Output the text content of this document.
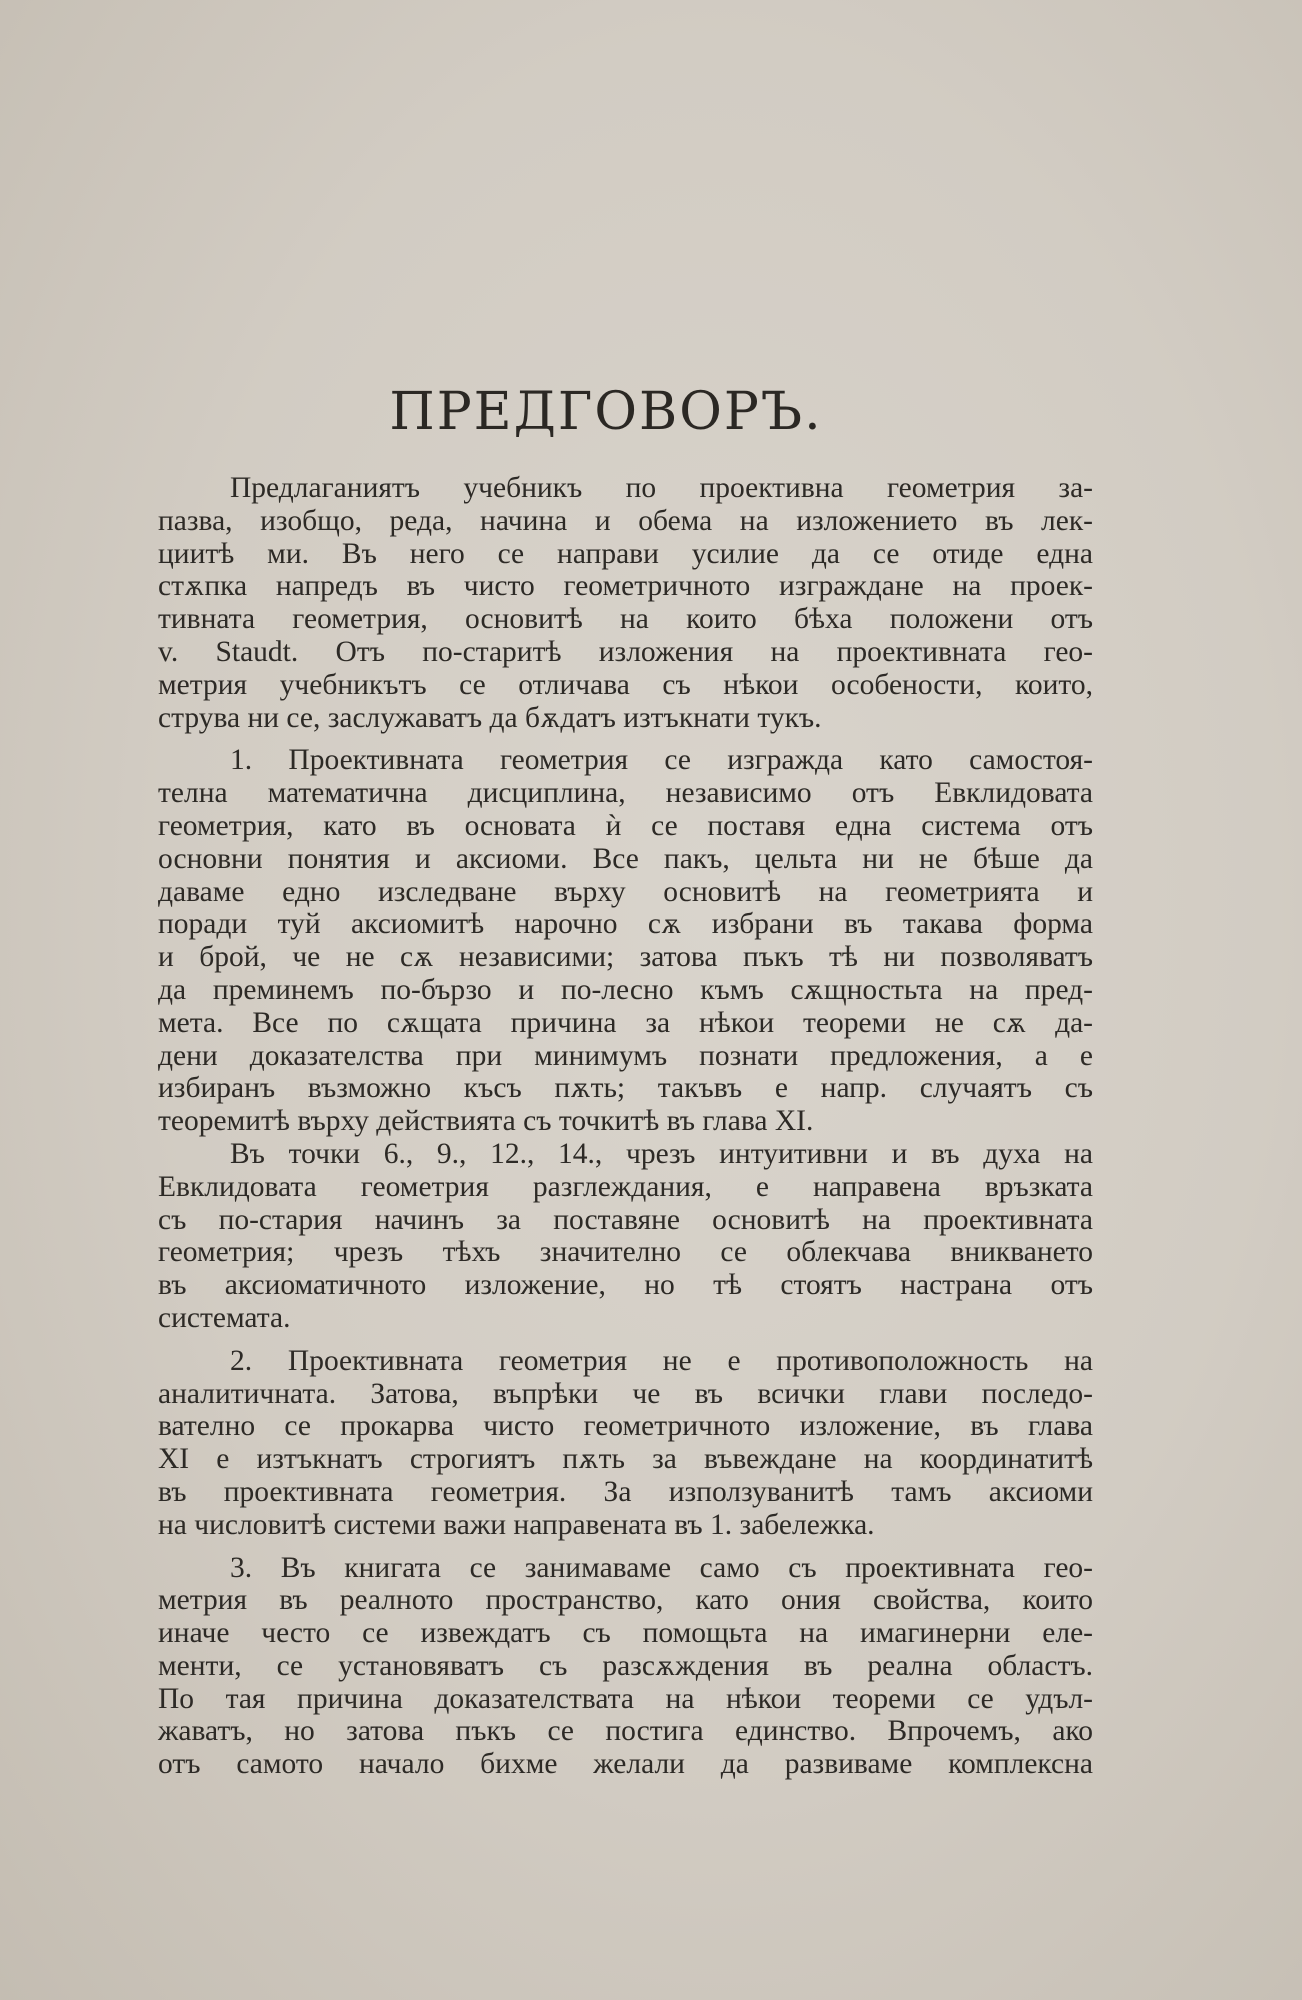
ПРЕДГОВОРЪ.
Предлаганиятъ учебникъ по проективна геометрия за-
пазва, изобщо, реда, начина и обема на изложението въ лек-
циитѣ ми. Въ него се направи усилие да се отиде една
стѫпка напредъ въ чисто геометричното изграждане на проек-
тивната геометрия, основитѣ на които бѣха положени отъ
v. Staudt. Отъ по-старитѣ изложения на проективната гео-
метрия учебникътъ се отличава съ нѣкои особености, които,
струва ни се, заслужаватъ да бѫдатъ изтъкнати тукъ.
1. Проективната геометрия се изгражда като самостоя-
телна математична дисциплина, независимо отъ Евклидовата
геометрия, като въ основата ѝ се поставя една система отъ
основни понятия и аксиоми. Все пакъ, цельта ни не бѣше да
даваме едно изследване върху основитѣ на геометрията и
поради туй аксиомитѣ нарочно сѫ избрани въ такава форма
и брой, че не сѫ независими; затова пъкъ тѣ ни позволяватъ
да преминемъ по-бързо и по-лесно къмъ сѫщностьта на пред-
мета. Все по сѫщата причина за нѣкои теореми не сѫ да-
дени доказателства при минимумъ познати предложения, а е
избиранъ възможно късъ пѫть; такъвъ е напр. случаятъ съ
теоремитѣ върху действията съ точкитѣ въ глава XI.
Въ точки 6., 9., 12., 14., чрезъ интуитивни и въ духа на
Евклидовата геометрия разглеждания, е направена връзката
съ по-стария начинъ за поставяне основитѣ на проективната
геометрия; чрезъ тѣхъ значително се облекчава вникването
въ аксиоматичното изложение, но тѣ стоятъ настрана отъ
системата.
2. Проективната геометрия не е противоположность на
аналитичната. Затова, въпрѣки че въ всички глави последо-
вателно се прокарва чисто геометричното изложение, въ глава
XI е изтъкнатъ строгиятъ пѫть за въвеждане на координатитѣ
въ проективната геометрия. За използуванитѣ тамъ аксиоми
на числовитѣ системи важи направената въ 1. забележка.
3. Въ книгата се занимаваме само съ проективната гео-
метрия въ реалното пространство, като ония свойства, които
иначе често се извеждатъ съ помощьта на имагинерни еле-
менти, се установяватъ съ разсѫждения въ реална областъ.
По тая причина доказателствата на нѣкои теореми се удъл-
жаватъ, но затова пъкъ се постига единство. Впрочемъ, ако
отъ самото начало бихме желали да развиваме комплексна
